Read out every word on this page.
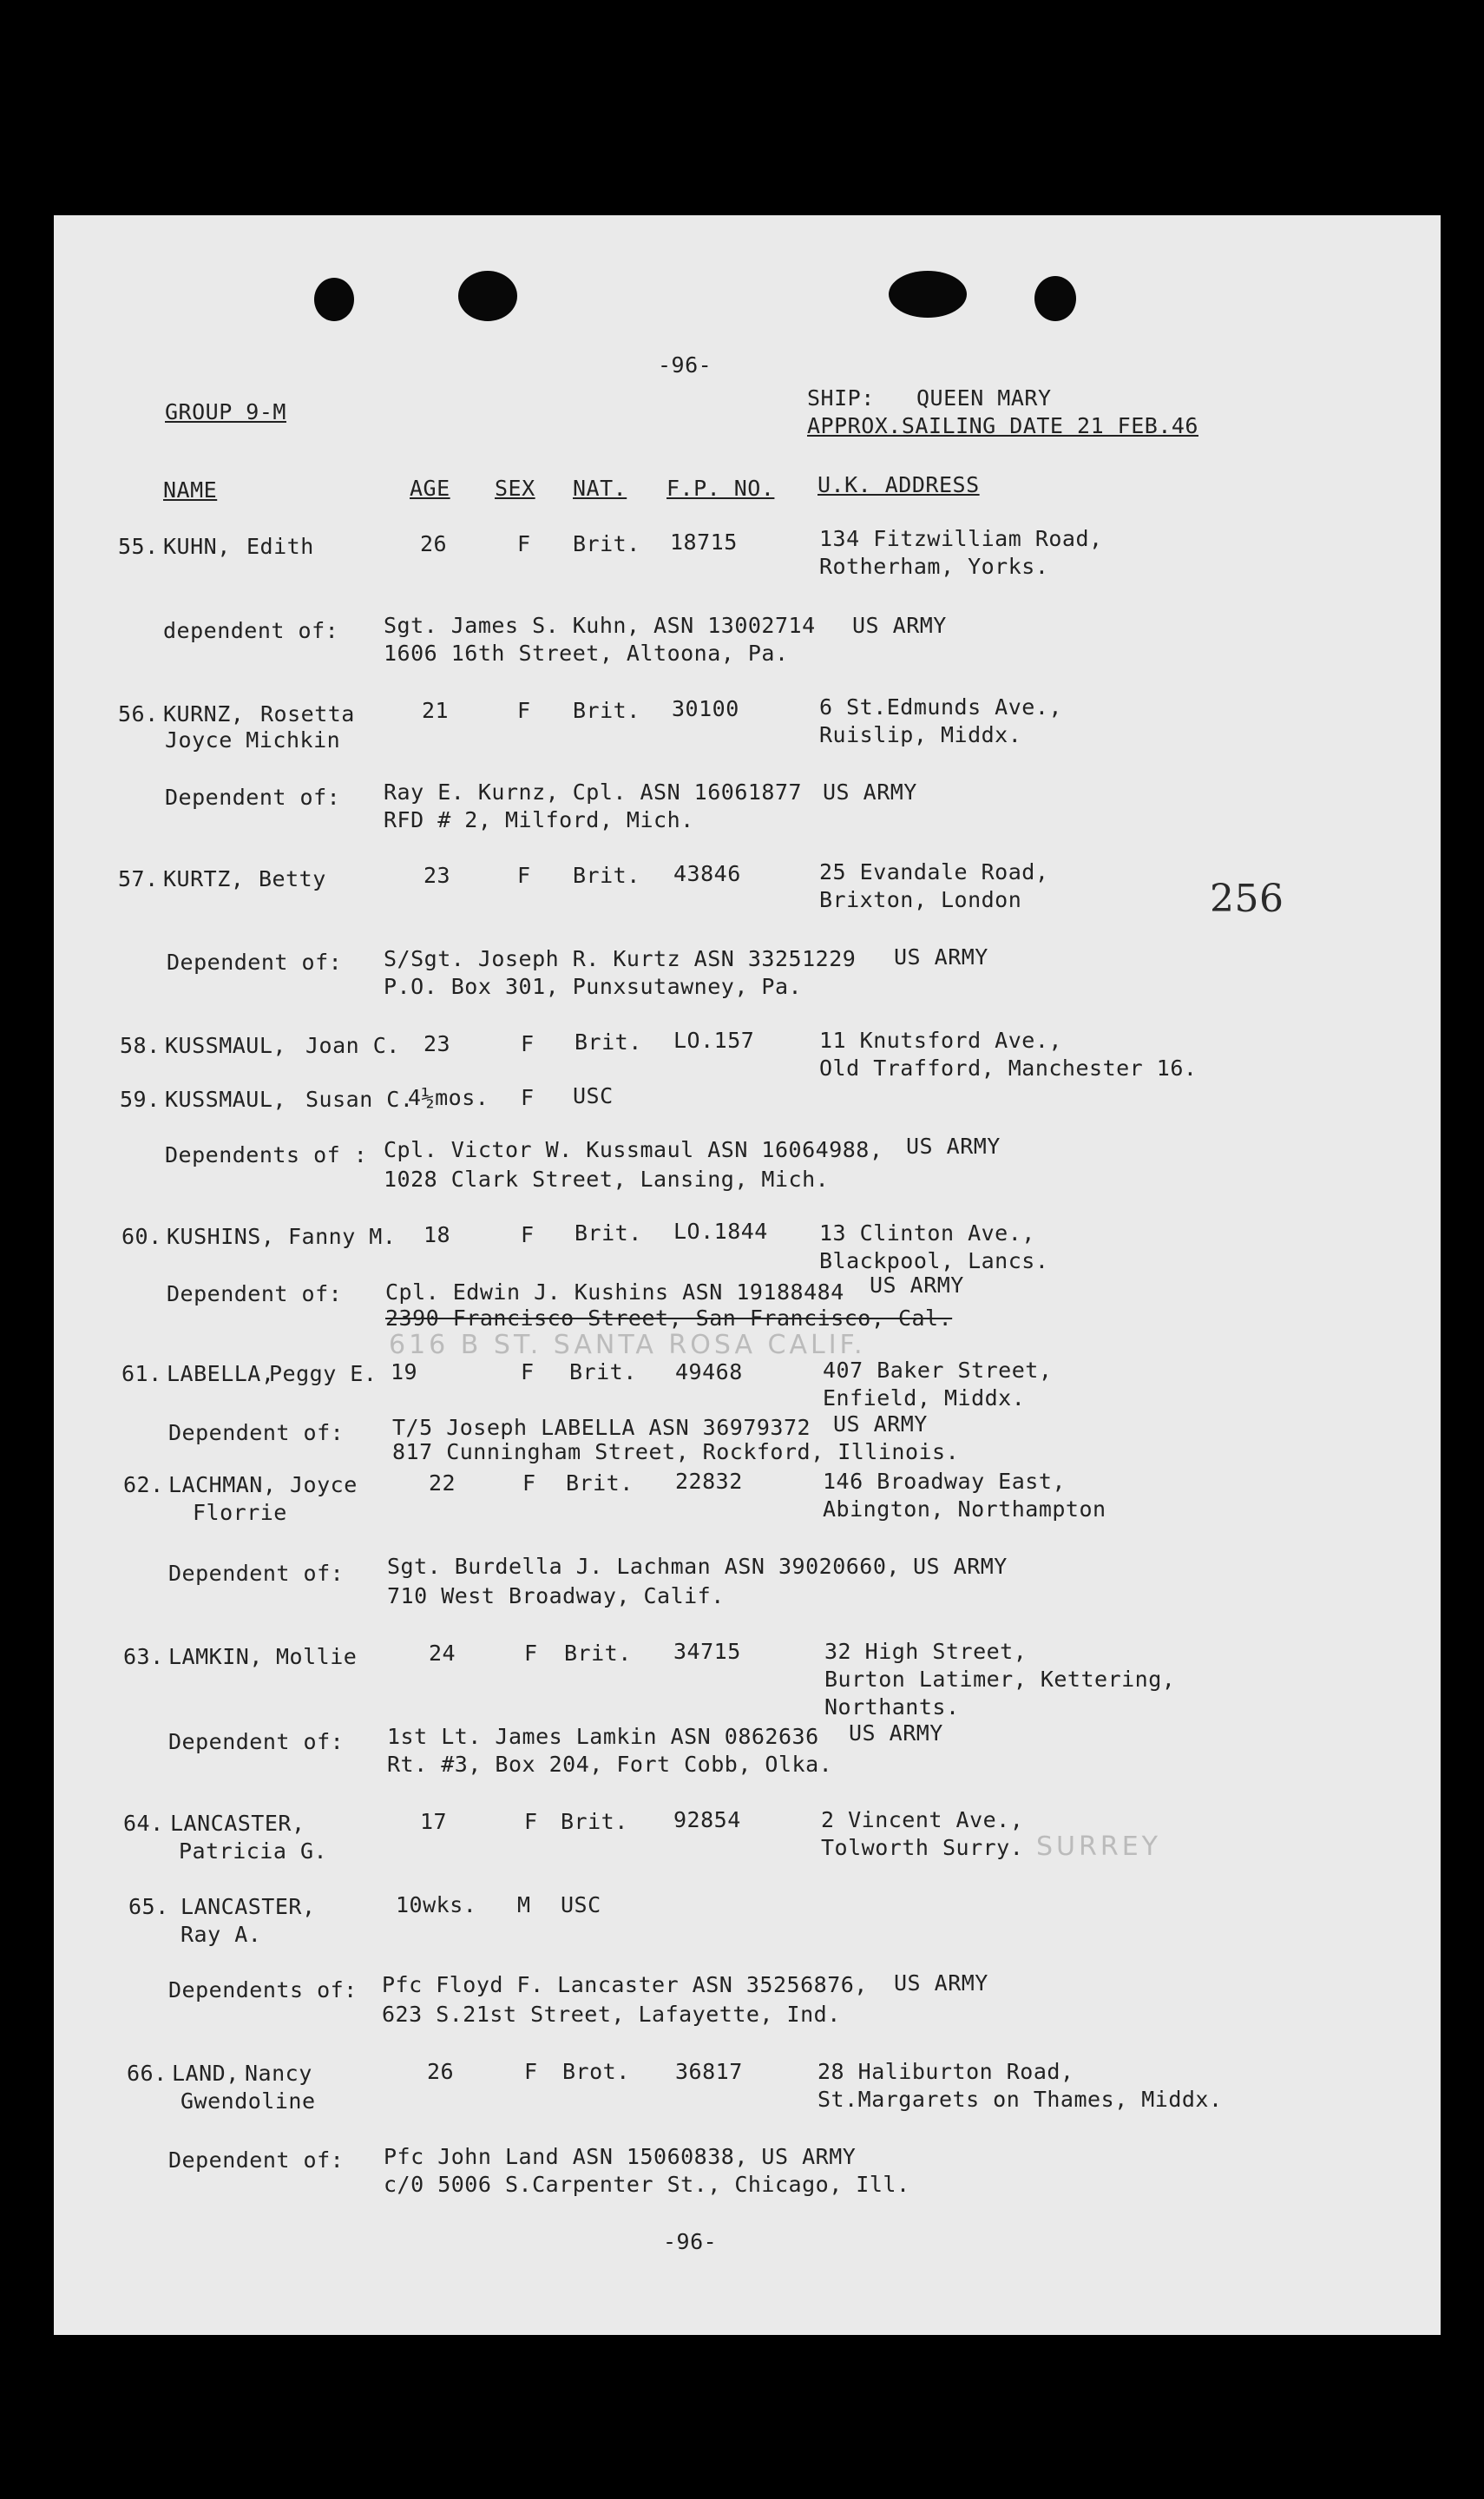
-96-
GROUP 9-M
SHIP: QUEEN MARY
APPROX.SAILING DATE 21 FEB.46
NAME	AGE SEX NAT. F.P. NO. U.K. ADDRESS
256
55. KUHN, Edith	26	F Brit. 18715	134 Fitzwilliam Road,
Rotherham, Yorks.
dependent of: Sgt. James S. Kuhn, ASN 13002714 US ARMY
1606 16th Street, Altoona, Pa.
56. KURNZ, Rosetta
Joyce Michkin
21	F Brit. 30100	6 St.Edmunds Ave.,
Ruislip, Middx.
Dependent of: Ray E. Kurnz, Cpl. ASN 16061877 US ARMY
RFD # 2, Milford, Mich.
57. KURTZ, Betty	23	F Brit. 43846	25 Evandale Road,
Brixton, London
Dependent of: S/Sgt. Joseph R. Kurtz ASN 33251229 US ARMY
P.O. Box 301, Punxsutawney, Pa.
58. KUSSMAUL, Joan C. 23	F Brit. LO.157	11 Knutsford Ave.,
Old Trafford, Manchester 16.
59. KUSSMAUL, Susan C.
4½mos. F USC
Dependents of : Cpl. Victor W. Kussmaul ASN 16064988, US ARMY
1028 Clark Street, Lansing, Mich.
60. KUSHINS, Fanny M. 18	F Brit. LO.1844 13 Clinton Ave.,
Blackpool, Lancs.
Dependent of: Cpl. Edwin J. Kushins ASN 19188484 US ARMY
2390 Francisco Street, San Francisco, Cal.
616 B ST. SANTA ROSA CALIF.
61. LABELLA,
Peggy E. 19	F Brit. 49468	407 Baker Street,
Enfield, Middx.
Dependent of: T/5 Joseph LABELLA ASN 36979372 US ARMY
817 Cunningham Street, Rockford, Illinois.
62. LACHMAN, Joyce
Florrie
22	F Brit. 22832	146 Broadway East,
Abington, Northampton
Dependent of: Sgt. Burdella J. Lachman ASN 39020660, US ARMY
710 West Broadway, Calif.
63. LAMKIN, Mollie	24	F Brit. 34715	32 High Street,
Burton Latimer, Kettering,
Northants.
Dependent of: 1st Lt. James Lamkin ASN 0862636 US ARMY
Rt. #3, Box 204, Fort Cobb, Olka.
64. LANCASTER,
Patricia G.
17	F Brit. 92854	2 Vincent Ave.,
Tolworth Surry. SURREY
65. LANCASTER,
Ray A.
10wks. M USC
Dependents of: Pfc Floyd F. Lancaster ASN 35256876, US ARMY
623 S.21st Street, Lafayette, Ind.
66. LAND, Nancy
Gwendoline
26	F Brot. 36817	28 Haliburton Road,
St.Margarets on Thames, Middx.
Dependent of: Pfc John Land ASN 15060838, US ARMY
c/0 5006 S.Carpenter St., Chicago, Ill.
-96-
